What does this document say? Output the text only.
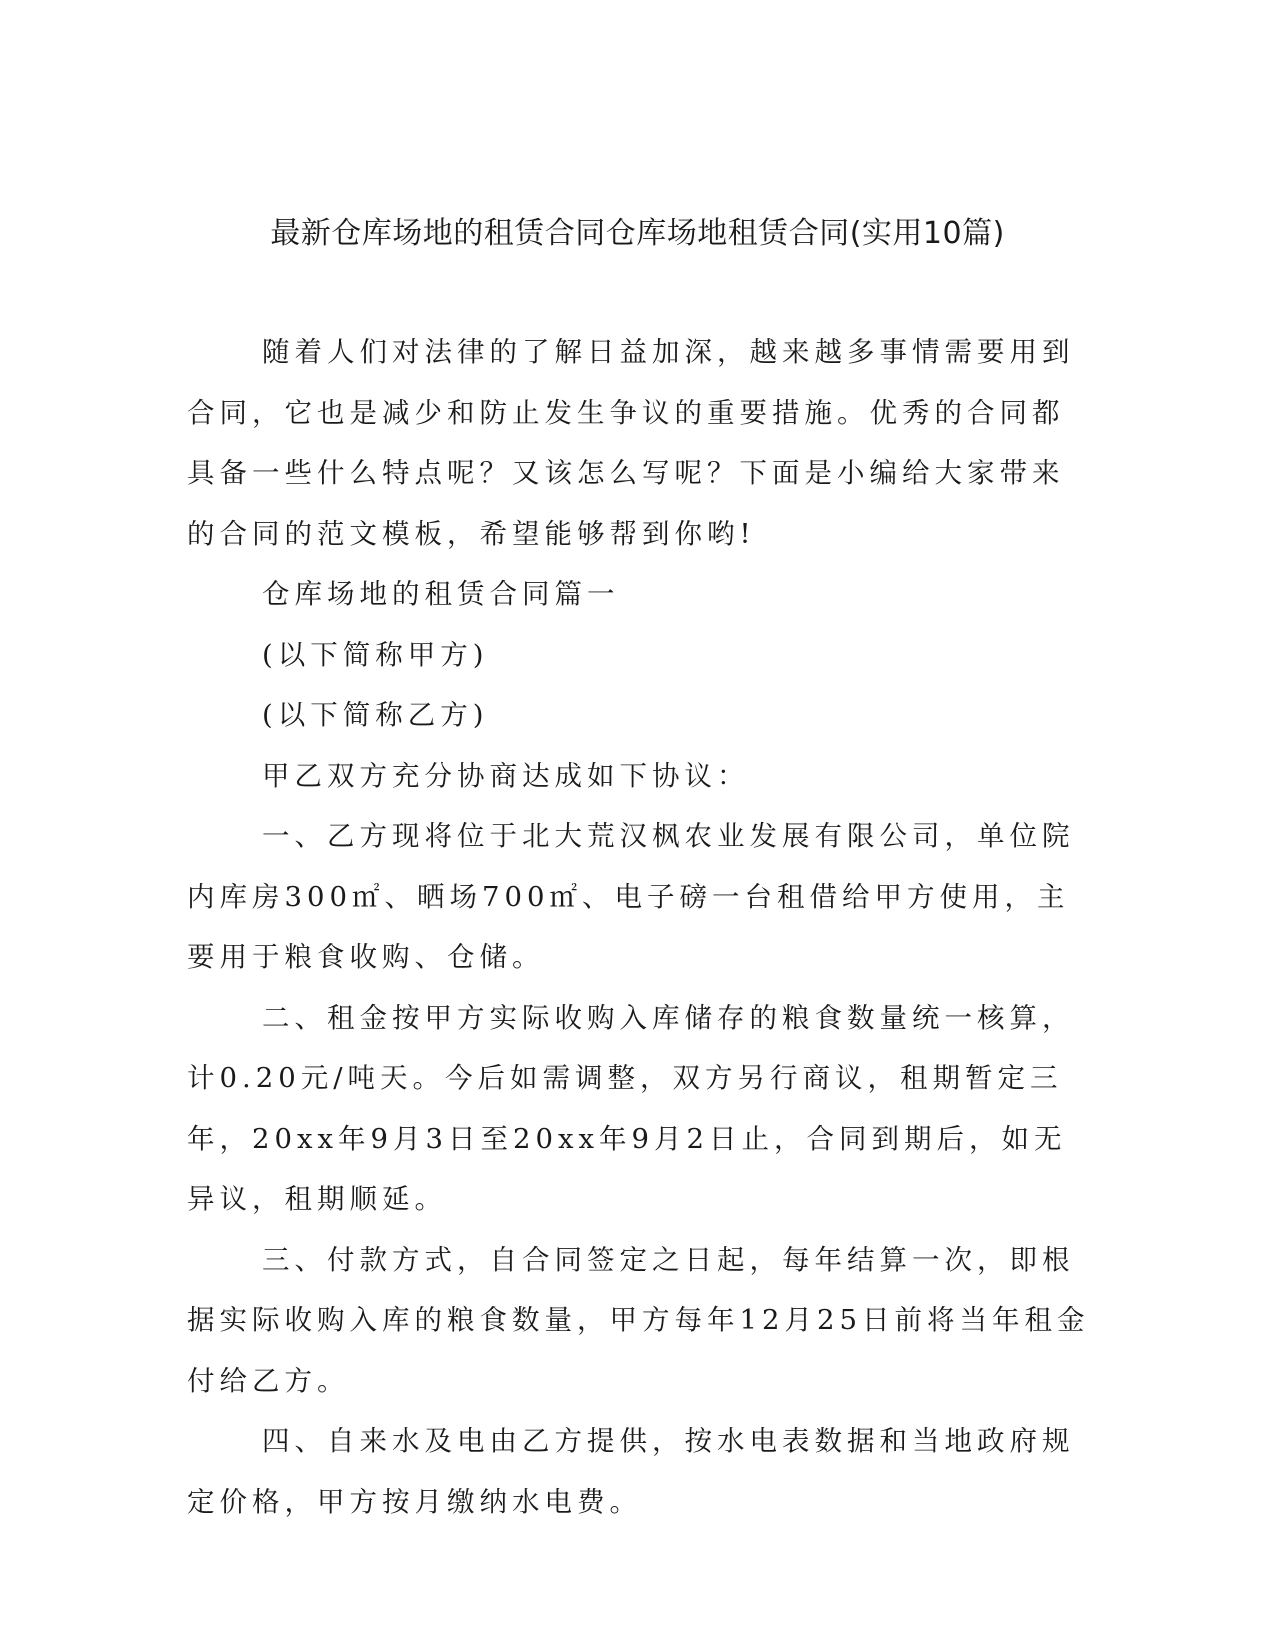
最新仓库场地的租赁合同仓库场地租赁合同(实用10篇)

随着人们对法律的了解日益加深，越来越多事情需要用到合同，它也是减少和防止发生争议的重要措施。优秀的合同都具备一些什么特点呢？又该怎么写呢？下面是小编给大家带来的合同的范文模板，希望能够帮到你哟!

仓库场地的租赁合同篇一

(以下简称甲方)

(以下简称乙方)

甲乙双方充分协商达成如下协议：

一、乙方现将位于北大荒汉枫农业发展有限公司，单位院内库房300㎡、晒场700㎡、电子磅一台租借给甲方使用，主要用于粮食收购、仓储。

二、租金按甲方实际收购入库储存的粮食数量统一核算，计0.20元/吨天。今后如需调整，双方另行商议，租期暂定三年，20xx年9月3日至20xx年9月2日止，合同到期后，如无异议，租期顺延。

三、付款方式，自合同签定之日起，每年结算一次，即根据实际收购入库的粮食数量，甲方每年12月25日前将当年租金付给乙方。

四、自来水及电由乙方提供，按水电表数据和当地政府规定价格，甲方按月缴纳水电费。
